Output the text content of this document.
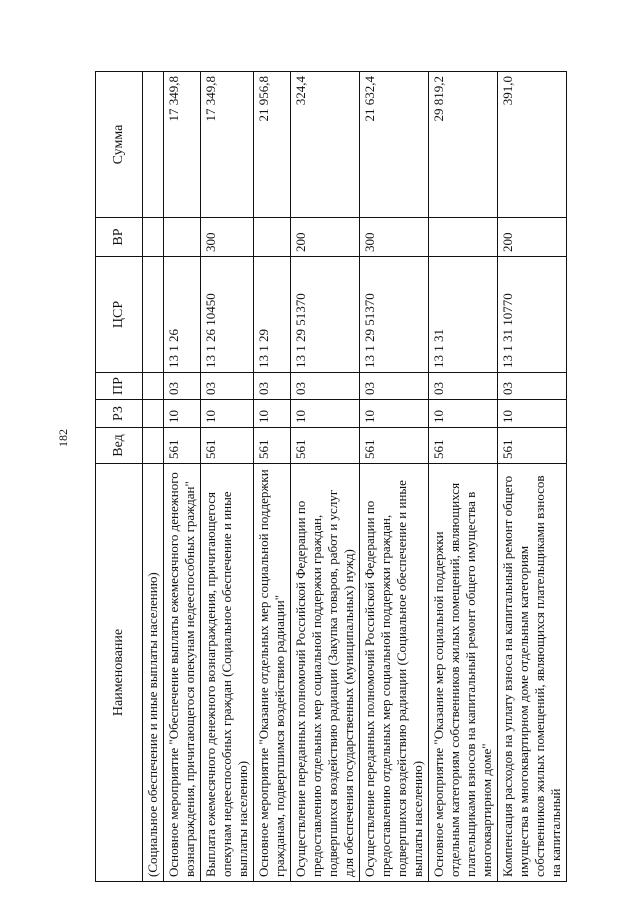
182
Наименование	Вед	РЗ	ПР	ЦСР	ВР	Сумма
(Социальное обеспечение и иные выплаты населению)						
Основное мероприятие "Обеспечение выплаты ежемесячного денежного вознаграждения, причитающегося опекунам недееспособных граждан"	561	10	03	13 1 26		17 349,8
Выплата ежемесячного денежного вознаграждения, причитающегося опекунам недееспособных граждан (Социальное обеспечение и иные выплаты населению)	561	10	03	13 1 26 10450	300	17 349,8
Основное мероприятие "Оказание отдельных мер социальной поддержки гражданам, подвергшимся воздействию радиации"	561	10	03	13 1 29		21 956,8
Осуществление переданных полномочий Российской Федерации по предоставлению отдельных мер социальной поддержки граждан, подвергшихся воздействию радиации (Закупка товаров, работ и услуг для обеспечения государственных (муниципальных) нужд)	561	10	03	13 1 29 51370	200	324,4
Осуществление переданных полномочий Российской Федерации по предоставлению отдельных мер социальной поддержки граждан, подвергшихся воздействию радиации (Социальное обеспечение и иные выплаты населению)	561	10	03	13 1 29 51370	300	21 632,4
Основное мероприятие "Оказание мер социальной поддержки отдельным категориям собственников жилых помещений, являющихся плательщиками взносов на капитальный ремонт общего имущества в многоквартирном доме"	561	10	03	13 1 31		29 819,2
Компенсация расходов на уплату взноса на капитальный ремонт общего имущества в многоквартирном доме отдельным категориям собственников жилых помещений, являющихся плательщиками взносов на капитальный	561	10	03	13 1 31 10770	200	391,0
